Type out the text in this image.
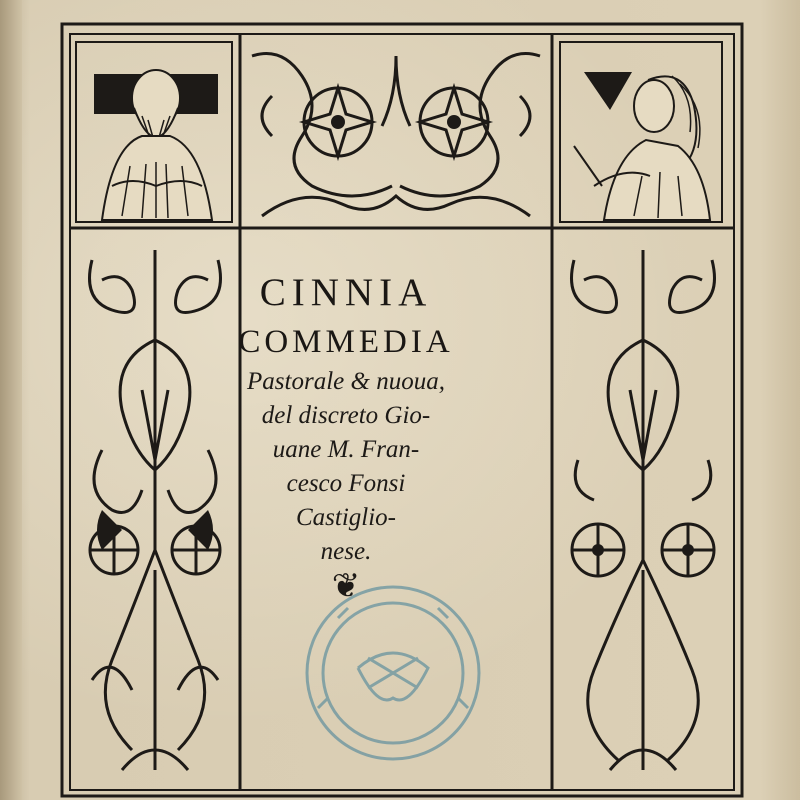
CINNIA
COMMEDIA
Pastorale & nuoua,
del discreto Gio-
uane M. Fran-
cesco Fonsi
Castiglio-
nese.
❦
